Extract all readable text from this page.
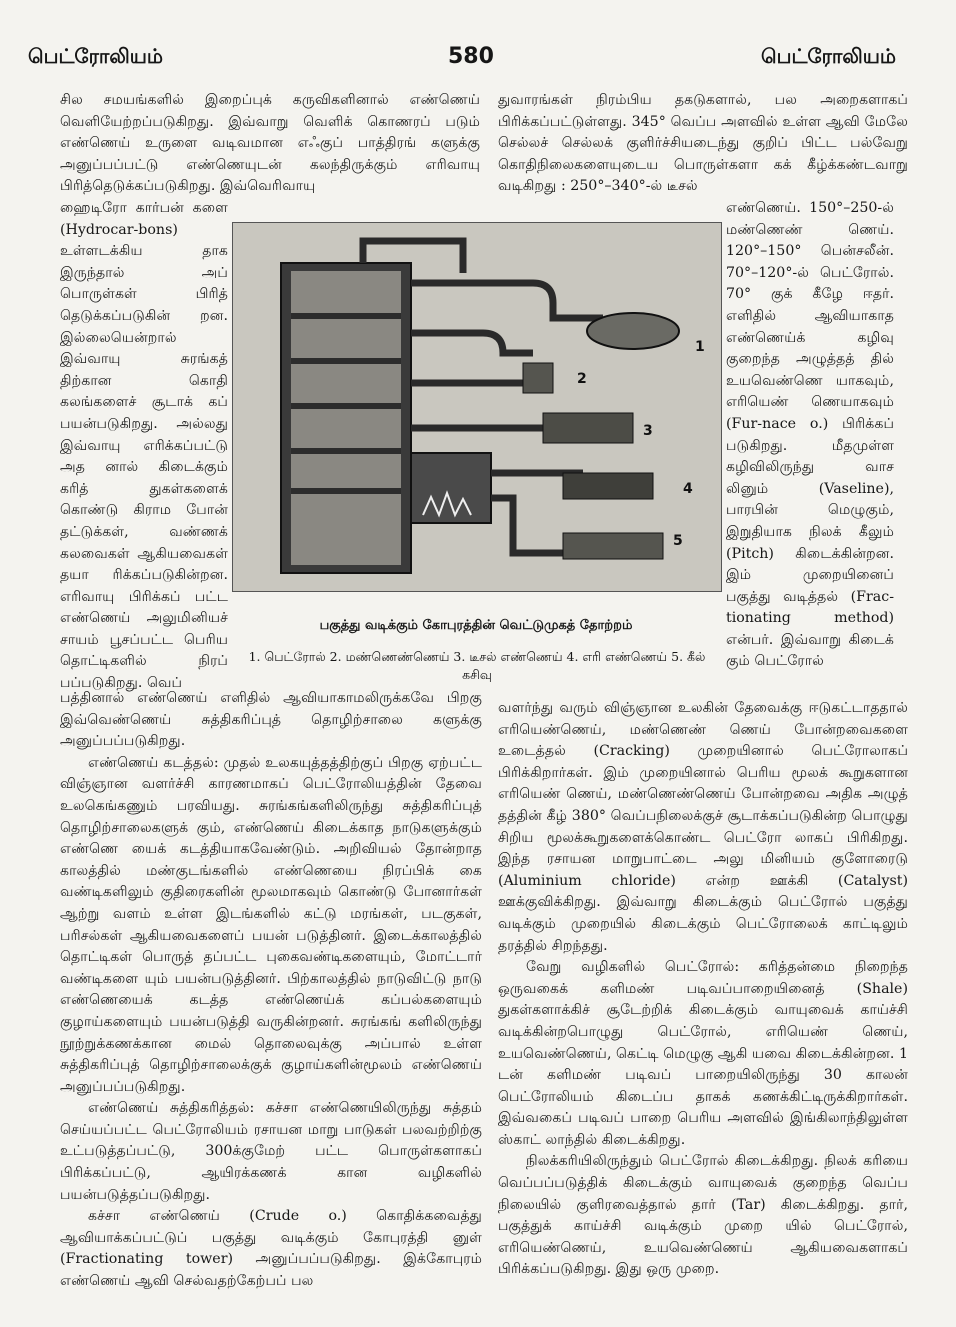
பெட்ரோலியம்	580	பெட்ரோலியம்

சில சமயங்களில் இறைப்புக் கருவிகளினால் எண்ணெய் வெளியேற்றப்படுகிறது. இவ்வாறு வெளிக் கொணரப் படும் எண்ணெய் உருளை வடிவமான எஃகுப் பாத்திரங் களுக்கு அனுப்பப்பட்டு எண்ணெயுடன் கலந்திருக்கும் எரிவாயு பிரித்தெடுக்கப்படுகிறது. இவ்வெரிவாயு

ஹைடிரோ கார்பன் களை (Hydrocar-bons) உள்ளடக்கிய தாக இருந்தால் அப் பொருள்கள் பிரித் தெடுக்கப்படுகின் றன. இல்லையென்றால் இவ்வாயு சுரங்கத் திற்கான கொதி கலங்களைச் சூடாக் கப் பயன்படுகிறது. அல்லது இவ்வாயு எரிக்கப்பட்டு அத னால் கிடைக்கும் கரித் துகள்களைக் கொண்டு கிராம போன் தட்டுக்கள், வண்ணக் கலவைகள் ஆகியவைகள் தயா ரிக்கப்படுகின்றன. எரிவாயு பிரிக்கப் பட்ட எண்ணெய் அலுமினியச் சாயம் பூசப்பட்ட பெரிய தொட்டிகளில் நிரப் பப்படுகிறது. வெப்

துவாரங்கள் நிரம்பிய தகடுகளால், பல அறைகளாகப் பிரிக்கப்பட்டுள்ளது. 345° வெப்ப அளவில் உள்ள ஆவி மேலே செல்லச் செல்லக் குளிர்ச்சியடைந்து குறிப் பிட்ட பல்வேறு கொதிநிலைகளையுடைய பொருள்களா கக் கீழ்க்கண்டவாறு வடிகிறது : 250°–340°-ல் டீசல்

எண்ணெய். 150°–250-ல் மண்ணெண் ணெய். 120°–150° பென்சலீன். 70°–120°-ல் பெட்ரோல். 70° குக் கீழே ஈதர். எளிதில் ஆவியாகாத எண்ணெய்க் கழிவு குறைந்த அழுத்தத் தில் உயவெண்ணெ யாகவும், எரியெண் ணெயாகவும் (Fur-nace o.) பிரிக்கப் படுகிறது. மீதமுள்ள கழிவிலிருந்து வாச லினும் (Vaseline), பாரபின் மெழுகும், இறுதியாக நிலக் கீலும் (Pitch) கிடைக்கின்றன. இம் முறையினைப் பகுத்து வடித்தல் (Frac-tionating method) என்பர். இவ்வாறு கிடைக் கும் பெட்ரோல்

1
2
3
4
5
பகுத்து வடிக்கும் கோபுரத்தின் வெட்டுமுகத் தோற்றம்
1. பெட்ரோல் 2. மண்ணெண்ணெய் 3. டீசல் எண்ணெய் 4. எரி எண்ணெய் 5. கீல் கசிவு

பத்தினால் எண்ணெய் எளிதில் ஆவியாகாமலிருக்கவே பிறகு இவ்வெண்ணெய் சுத்திகரிப்புத் தொழிற்சாலை களுக்கு அனுப்பப்படுகிறது.

எண்ணெய் கடத்தல்: முதல் உலகயுத்தத்திற்குப் பிறகு ஏற்பட்ட விஞ்ஞான வளர்ச்சி காரணமாகப் பெட்ரோலியத்தின் தேவை உலகெங்கணும் பரவியது. சுரங்கங்களிலிருந்து சுத்திகரிப்புத் தொழிற்சாலைகளுக் கும், எண்ணெய் கிடைக்காத நாடுகளுக்கும் எண்ணெ யைக் கடத்தியாகவேண்டும். அறிவியல் தோன்றாத காலத்தில் மண்குடங்களில் எண்ணெயை நிரப்பிக் கை வண்டிகளிலும் குதிரைகளின் மூலமாகவும் கொண்டு போனார்கள் ஆற்று வளம் உள்ள இடங்களில் கட்டு மரங்கள், படகுகள், பரிசல்கள் ஆகியவைகளைப் பயன் படுத்தினர். இடைக்காலத்தில் தொட்டிகள் பொருத் தப்பட்ட புகைவண்டிகளையும், மோட்டார் வண்டிகளை யும் பயன்படுத்தினர். பிற்காலத்தில் நாடுவிட்டு நாடு எண்ணெயைக் கடத்த எண்ணெய்க் கப்பல்களையும் குழாய்களையும் பயன்படுத்தி வருகின்றனர். சுரங்கங் களிலிருந்து நூற்றுக்கணக்கான மைல் தொலைவுக்கு அப்பால் உள்ள சுத்திகரிப்புத் தொழிற்சாலைக்குக் குழாய்களின்மூலம் எண்ணெய் அனுப்பப்படுகிறது.

எண்ணெய் சுத்திகரித்தல்: கச்சா எண்ணெயிலிருந்து சுத்தம் செய்யப்பட்ட பெட்ரோலியம் ரசாயன மாறு பாடுகள் பலவற்றிற்கு உட்படுத்தப்பட்டு, 300க்குமேற் பட்ட பொருள்களாகப் பிரிக்கப்பட்டு, ஆயிரக்கணக் கான வழிகளில் பயன்படுத்தப்படுகிறது.

கச்சா எண்ணெய் (Crude o.) கொதிக்கவைத்து ஆவியாக்கப்பட்டுப் பகுத்து வடிக்கும் கோபுரத்தி னுள் (Fractionating tower) அனுப்பப்படுகிறது. இக்கோபுரம் எண்ணெய் ஆவி செல்வதற்கேற்பப் பல

வளர்ந்து வரும் விஞ்ஞான உலகின் தேவைக்கு ஈடுகட்டாததால் எரியெண்ணெய், மண்ணெண் ணெய் போன்றவைகளை உடைத்தல் (Cracking) முறையினால் பெட்ரோலாகப் பிரிக்கிறார்கள். இம் முறையினால் பெரிய மூலக் கூறுகளான எரியெண் ணெய், மண்ணெண்ணெய் போன்றவை அதிக அழுத் தத்தின் கீழ் 380° வெப்பநிலைக்குச் சூடாக்கப்படுகின்ற பொழுது சிறிய மூலக்கூறுகளைக்கொண்ட பெட்ரோ லாகப் பிரிகிறது. இந்த ரசாயன மாறுபாட்டை அலு மினியம் குளோரைடு (Aluminium chloride) என்ற ஊக்கி (Catalyst) ஊக்குவிக்கிறது. இவ்வாறு கிடைக்கும் பெட்ரோல் பகுத்து வடிக்கும் முறையில் கிடைக்கும் பெட்ரோலைக் காட்டிலும் தரத்தில் சிறந்தது.

வேறு வழிகளில் பெட்ரோல்: கரித்தன்மை நிறைந்த ஒருவகைக் களிமண் படிவப்பாறையினைத் (Shale) துகள்களாக்கிச் சூடேற்றிக் கிடைக்கும் வாயுவைக் காய்ச்சி வடிக்கின்றபொழுது பெட்ரோல், எரியெண் ணெய், உயவெண்ணெய், கெட்டி மெழுகு ஆகி யவை கிடைக்கின்றன. 1 டன் களிமண் படிவப் பாறையிலிருந்து 30 காலன் பெட்ரோலியம் கிடைப்ப தாகக் கணக்கிட்டிருக்கிறார்கள். இவ்வகைப் படிவப் பாறை பெரிய அளவில் இங்கிலாந்திலுள்ள ஸ்காட் லாந்தில் கிடைக்கிறது.

நிலக்கரியிலிருந்தும் பெட்ரோல் கிடைக்கிறது. நிலக் கரியை வெப்பப்படுத்திக் கிடைக்கும் வாயுவைக் குறைந்த வெப்ப நிலையில் குளிரவைத்தால் தார் (Tar) கிடைக்கிறது. தார், பகுத்துக் காய்ச்சி வடிக்கும் முறை யில் பெட்ரோல், எரியெண்ணெய், உயவெண்ணெய் ஆகியவைகளாகப் பிரிக்கப்படுகிறது. இது ஒரு முறை.
